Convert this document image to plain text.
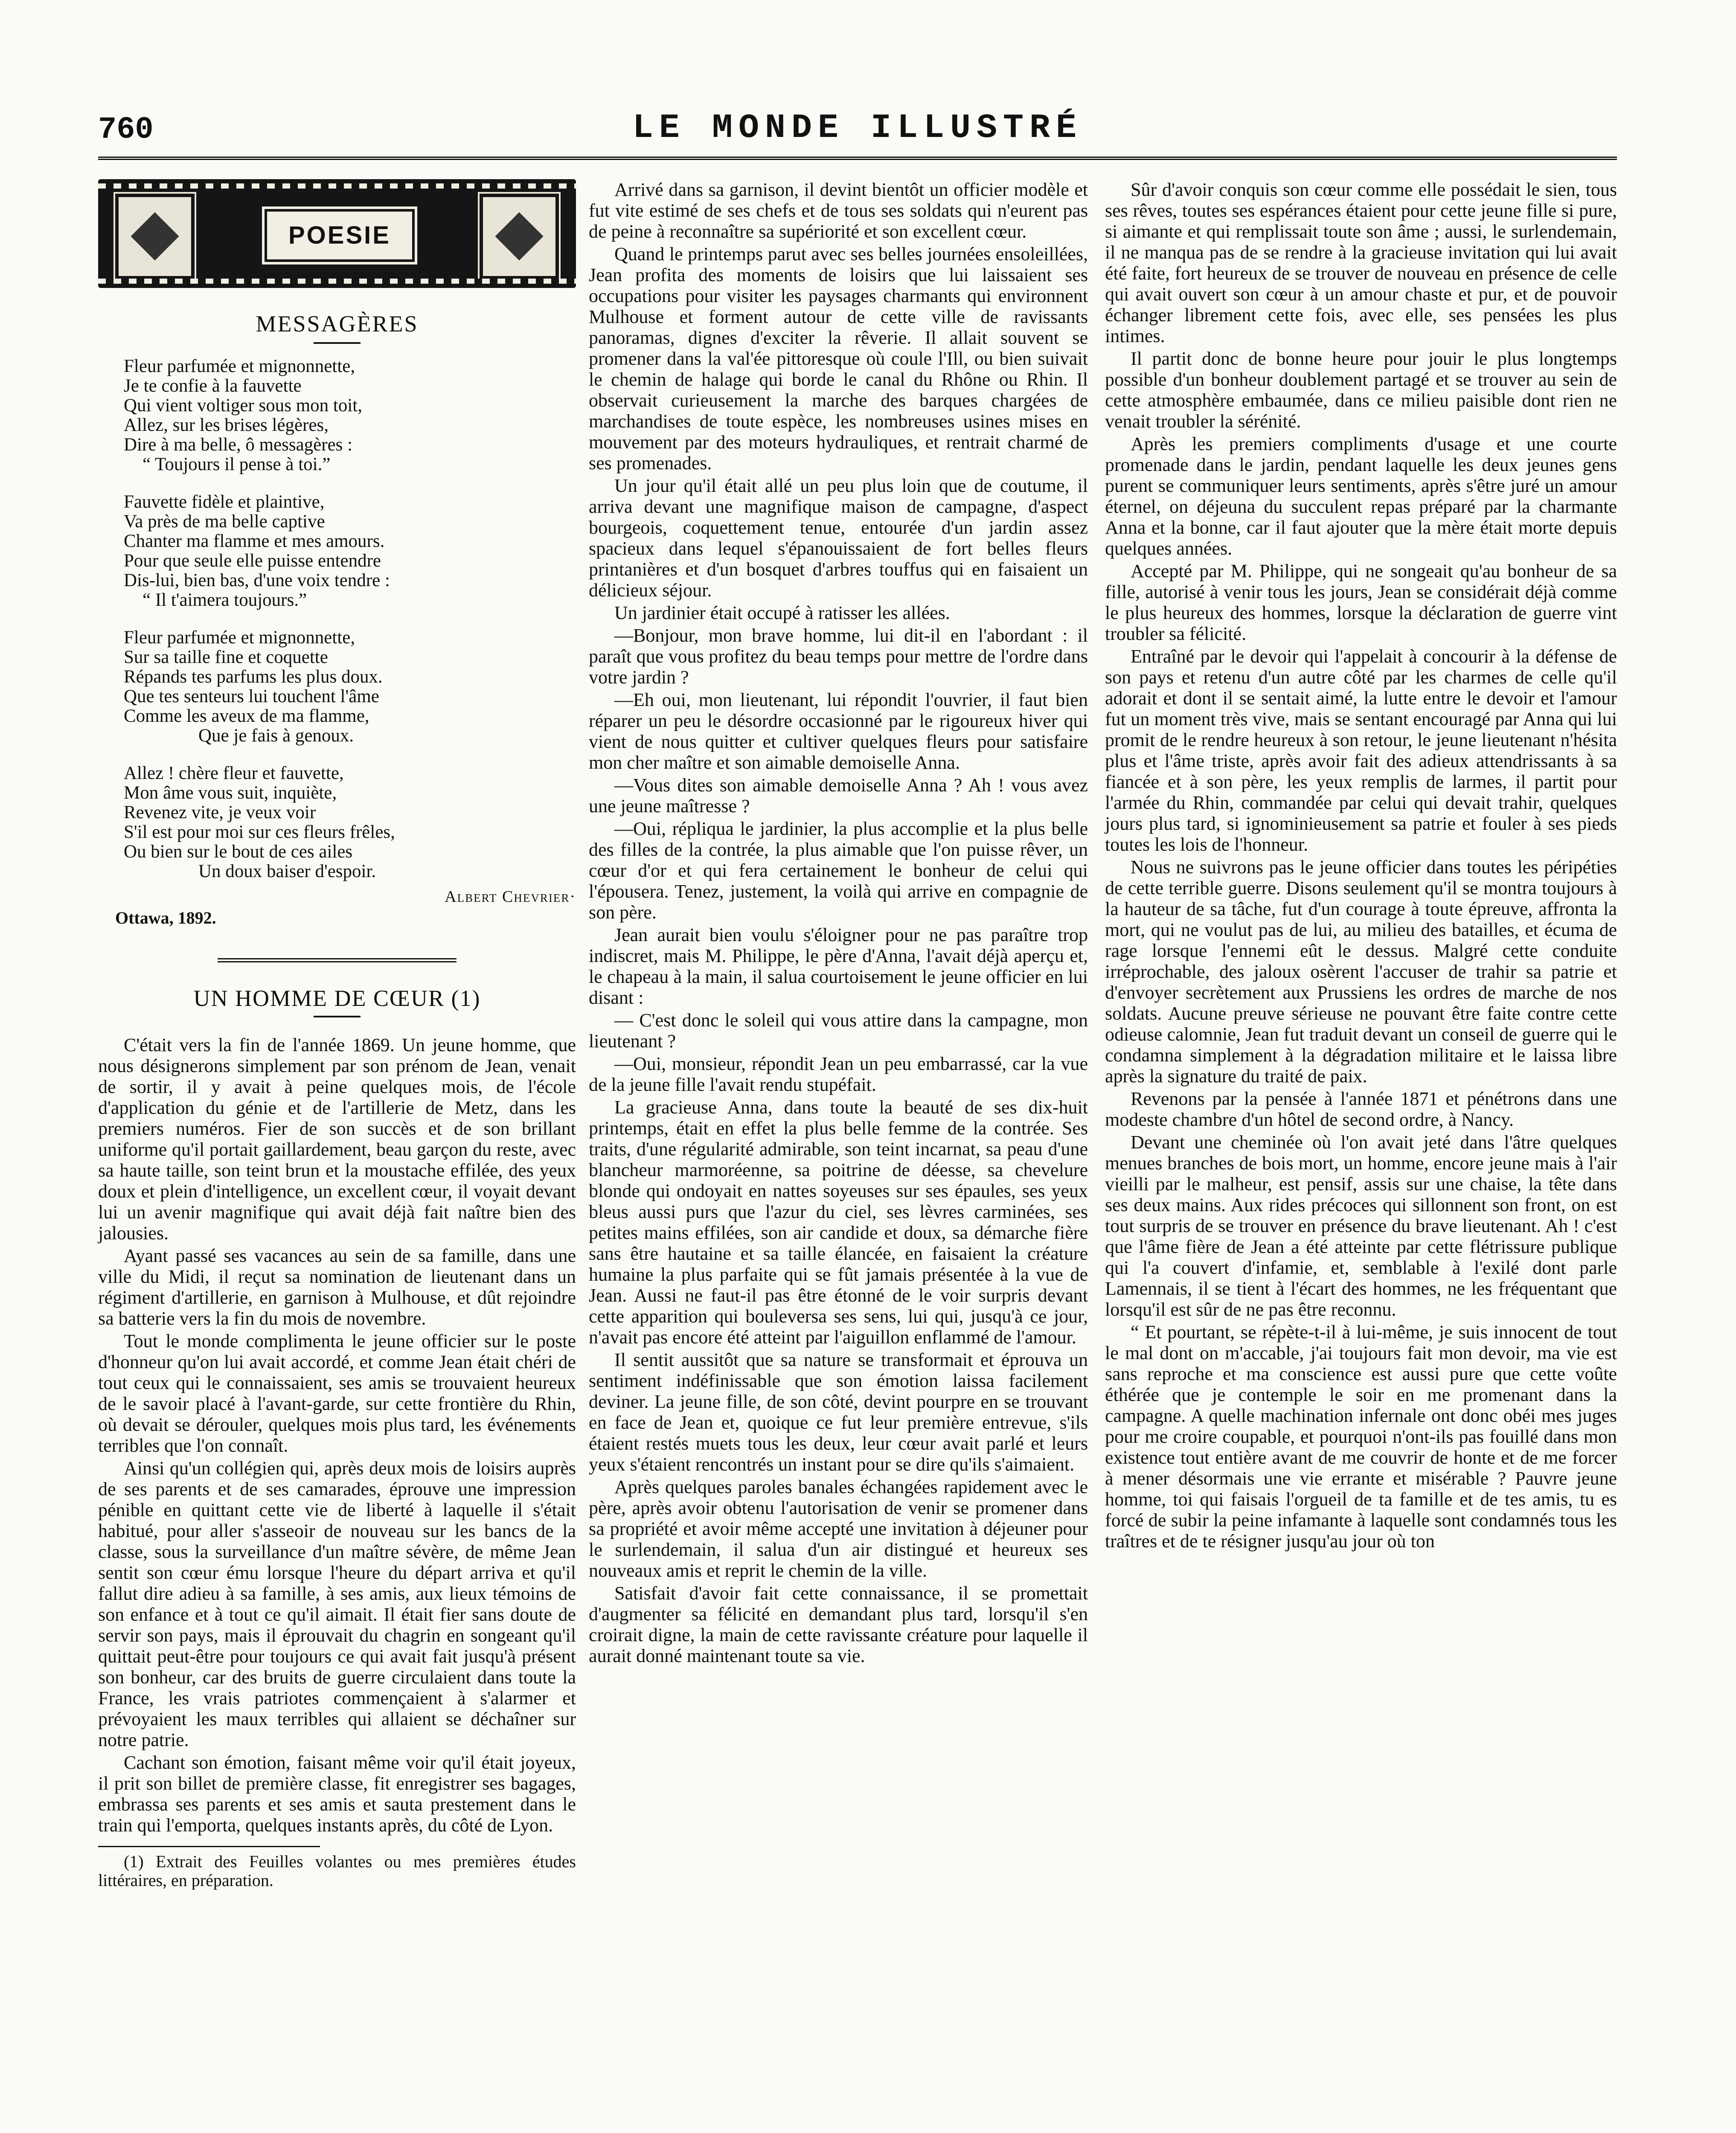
760	LE MONDE ILLUSTRÉ
POESIE
MESSAGÈRES
Fleur parfumée et mignonnette,
Je te confie à la fauvette
Qui vient voltiger sous mon toit,
Allez, sur les brises légères,
Dire à ma belle, ô messagères :
“ Toujours il pense à toi.”
Fauvette fidèle et plaintive,
Va près de ma belle captive
Chanter ma flamme et mes amours.
Pour que seule elle puisse entendre
Dis-lui, bien bas, d'une voix tendre :
“ Il t'aimera toujours.”
Fleur parfumée et mignonnette,
Sur sa taille fine et coquette
Répands tes parfums les plus doux.
Que tes senteurs lui touchent l'âme
Comme les aveux de ma flamme,
Que je fais à genoux.
Allez ! chère fleur et fauvette,
Mon âme vous suit, inquiète,
Revenez vite, je veux voir
S'il est pour moi sur ces fleurs frêles,
Ou bien sur le bout de ces ailes
Un doux baiser d'espoir.
Albert Chevrier·
Ottawa, 1892.
UN HOMME DE CŒUR (1)

C'était vers la fin de l'année 1869. Un jeune homme, que nous désignerons simplement par son prénom de Jean, venait de sortir, il y avait à peine quelques mois, de l'école d'application du génie et de l'artillerie de Metz, dans les premiers numéros. Fier de son succès et de son brillant uniforme qu'il portait gaillardement, beau garçon du reste, avec sa haute taille, son teint brun et la moustache effilée, des yeux doux et plein d'intelligence, un excellent cœur, il voyait devant lui un avenir magnifique qui avait déjà fait naître bien des jalousies.

Ayant passé ses vacances au sein de sa famille, dans une ville du Midi, il reçut sa nomination de lieutenant dans un régiment d'artillerie, en garnison à Mulhouse, et dût rejoindre sa batterie vers la fin du mois de novembre.

Tout le monde complimenta le jeune officier sur le poste d'honneur qu'on lui avait accordé, et comme Jean était chéri de tout ceux qui le connaissaient, ses amis se trouvaient heureux de le savoir placé à l'avant-garde, sur cette frontière du Rhin, où devait se dérouler, quelques mois plus tard, les événements terribles que l'on connaît.

Ainsi qu'un collégien qui, après deux mois de loisirs auprès de ses parents et de ses camarades, éprouve une impression pénible en quittant cette vie de liberté à laquelle il s'était habitué, pour aller s'asseoir de nouveau sur les bancs de la classe, sous la surveillance d'un maître sévère, de même Jean sentit son cœur ému lorsque l'heure du départ arriva et qu'il fallut dire adieu à sa famille, à ses amis, aux lieux témoins de son enfance et à tout ce qu'il aimait. Il était fier sans doute de servir son pays, mais il éprouvait du chagrin en songeant qu'il quittait peut-être pour toujours ce qui avait fait jusqu'à présent son bonheur, car des bruits de guerre circulaient dans toute la France, les vrais patriotes commençaient à s'alarmer et prévoyaient les maux terribles qui allaient se déchaîner sur notre patrie.

Cachant son émotion, faisant même voir qu'il était joyeux, il prit son billet de première classe, fit enregistrer ses bagages, embrassa ses parents et ses amis et sauta prestement dans le train qui l'emporta, quelques instants après, du côté de Lyon.

(1) Extrait des Feuilles volantes ou mes premières études littéraires, en préparation.

Arrivé dans sa garnison, il devint bientôt un officier modèle et fut vite estimé de ses chefs et de tous ses soldats qui n'eurent pas de peine à reconnaître sa supériorité et son excellent cœur.

Quand le printemps parut avec ses belles journées ensoleillées, Jean profita des moments de loisirs que lui laissaient ses occupations pour visiter les paysages charmants qui environnent Mulhouse et forment autour de cette ville de ravissants panoramas, dignes d'exciter la rêverie. Il allait souvent se promener dans la val'ée pittoresque où coule l'Ill, ou bien suivait le chemin de halage qui borde le canal du Rhône ou Rhin. Il observait curieusement la marche des barques chargées de marchandises de toute espèce, les nombreuses usines mises en mouvement par des moteurs hydrauliques, et rentrait charmé de ses promenades.

Un jour qu'il était allé un peu plus loin que de coutume, il arriva devant une magnifique maison de campagne, d'aspect bourgeois, coquettement tenue, entourée d'un jardin assez spacieux dans lequel s'épanouissaient de fort belles fleurs printanières et d'un bosquet d'arbres touffus qui en faisaient un délicieux séjour.

Un jardinier était occupé à ratisser les allées.

—Bonjour, mon brave homme, lui dit-il en l'abordant : il paraît que vous profitez du beau temps pour mettre de l'ordre dans votre jardin ?

—Eh oui, mon lieutenant, lui répondit l'ouvrier, il faut bien réparer un peu le désordre occasionné par le rigoureux hiver qui vient de nous quitter et cultiver quelques fleurs pour satisfaire mon cher maître et son aimable demoiselle Anna.

—Vous dites son aimable demoiselle Anna ? Ah ! vous avez une jeune maîtresse ?

—Oui, répliqua le jardinier, la plus accomplie et la plus belle des filles de la contrée, la plus aimable que l'on puisse rêver, un cœur d'or et qui fera certainement le bonheur de celui qui l'épousera. Tenez, justement, la voilà qui arrive en compagnie de son père.

Jean aurait bien voulu s'éloigner pour ne pas paraître trop indiscret, mais M. Philippe, le père d'Anna, l'avait déjà aperçu et, le chapeau à la main, il salua courtoisement le jeune officier en lui disant :

— C'est donc le soleil qui vous attire dans la campagne, mon lieutenant ?

—Oui, monsieur, répondit Jean un peu embarrassé, car la vue de la jeune fille l'avait rendu stupéfait.

La gracieuse Anna, dans toute la beauté de ses dix-huit printemps, était en effet la plus belle femme de la contrée. Ses traits, d'une régularité admirable, son teint incarnat, sa peau d'une blancheur marmoréenne, sa poitrine de déesse, sa chevelure blonde qui ondoyait en nattes soyeuses sur ses épaules, ses yeux bleus aussi purs que l'azur du ciel, ses lèvres carminées, ses petites mains effilées, son air candide et doux, sa démarche fière sans être hautaine et sa taille élancée, en faisaient la créature humaine la plus parfaite qui se fût jamais présentée à la vue de Jean. Aussi ne faut-il pas être étonné de le voir surpris devant cette apparition qui bouleversa ses sens, lui qui, jusqu'à ce jour, n'avait pas encore été atteint par l'aiguillon enflammé de l'amour.

Il sentit aussitôt que sa nature se transformait et éprouva un sentiment indéfinissable que son émotion laissa facilement deviner. La jeune fille, de son côté, devint pourpre en se trouvant en face de Jean et, quoique ce fut leur première entrevue, s'ils étaient restés muets tous les deux, leur cœur avait parlé et leurs yeux s'étaient rencontrés un instant pour se dire qu'ils s'aimaient.

Après quelques paroles banales échangées rapidement avec le père, après avoir obtenu l'autorisation de venir se promener dans sa propriété et avoir même accepté une invitation à déjeuner pour le surlendemain, il salua d'un air distingué et heureux ses nouveaux amis et reprit le chemin de la ville.

Satisfait d'avoir fait cette connaissance, il se promettait d'augmenter sa félicité en demandant plus tard, lorsqu'il s'en croirait digne, la main de cette ravissante créature pour laquelle il aurait donné maintenant toute sa vie.

Sûr d'avoir conquis son cœur comme elle possédait le sien, tous ses rêves, toutes ses espérances étaient pour cette jeune fille si pure, si aimante et qui remplissait toute son âme ; aussi, le surlendemain, il ne manqua pas de se rendre à la gracieuse invitation qui lui avait été faite, fort heureux de se trouver de nouveau en présence de celle qui avait ouvert son cœur à un amour chaste et pur, et de pouvoir échanger librement cette fois, avec elle, ses pensées les plus intimes.

Il partit donc de bonne heure pour jouir le plus longtemps possible d'un bonheur doublement partagé et se trouver au sein de cette atmosphère embaumée, dans ce milieu paisible dont rien ne venait troubler la sérénité.

Après les premiers compliments d'usage et une courte promenade dans le jardin, pendant laquelle les deux jeunes gens purent se communiquer leurs sentiments, après s'être juré un amour éternel, on déjeuna du succulent repas préparé par la charmante Anna et la bonne, car il faut ajouter que la mère était morte depuis quelques années.

Accepté par M. Philippe, qui ne songeait qu'au bonheur de sa fille, autorisé à venir tous les jours, Jean se considérait déjà comme le plus heureux des hommes, lorsque la déclaration de guerre vint troubler sa félicité.

Entraîné par le devoir qui l'appelait à concourir à la défense de son pays et retenu d'un autre côté par les charmes de celle qu'il adorait et dont il se sentait aimé, la lutte entre le devoir et l'amour fut un moment très vive, mais se sentant encouragé par Anna qui lui promit de le rendre heureux à son retour, le jeune lieutenant n'hésita plus et l'âme triste, après avoir fait des adieux attendrissants à sa fiancée et à son père, les yeux remplis de larmes, il partit pour l'armée du Rhin, commandée par celui qui devait trahir, quelques jours plus tard, si ignominieusement sa patrie et fouler à ses pieds toutes les lois de l'honneur.

Nous ne suivrons pas le jeune officier dans toutes les péripéties de cette terrible guerre. Disons seulement qu'il se montra toujours à la hauteur de sa tâche, fut d'un courage à toute épreuve, affronta la mort, qui ne voulut pas de lui, au milieu des batailles, et écuma de rage lorsque l'ennemi eût le dessus. Malgré cette conduite irréprochable, des jaloux osèrent l'accuser de trahir sa patrie et d'envoyer secrètement aux Prussiens les ordres de marche de nos soldats. Aucune preuve sérieuse ne pouvant être faite contre cette odieuse calomnie, Jean fut traduit devant un conseil de guerre qui le condamna simplement à la dégradation militaire et le laissa libre après la signature du traité de paix.

Revenons par la pensée à l'année 1871 et pénétrons dans une modeste chambre d'un hôtel de second ordre, à Nancy.

Devant une cheminée où l'on avait jeté dans l'âtre quelques menues branches de bois mort, un homme, encore jeune mais à l'air vieilli par le malheur, est pensif, assis sur une chaise, la tête dans ses deux mains. Aux rides précoces qui sillonnent son front, on est tout surpris de se trouver en présence du brave lieutenant. Ah ! c'est que l'âme fière de Jean a été atteinte par cette flétrissure publique qui l'a couvert d'infamie, et, semblable à l'exilé dont parle Lamennais, il se tient à l'écart des hommes, ne les fréquentant que lorsqu'il est sûr de ne pas être reconnu.

“ Et pourtant, se répète-t-il à lui-même, je suis innocent de tout le mal dont on m'accable, j'ai toujours fait mon devoir, ma vie est sans reproche et ma conscience est aussi pure que cette voûte éthérée que je contemple le soir en me promenant dans la campagne. A quelle machination infernale ont donc obéi mes juges pour me croire coupable, et pourquoi n'ont-ils pas fouillé dans mon existence tout entière avant de me couvrir de honte et de me forcer à mener désormais une vie errante et misérable ? Pauvre jeune homme, toi qui faisais l'orgueil de ta famille et de tes amis, tu es forcé de subir la peine infamante à laquelle sont condamnés tous les traîtres et de te résigner jusqu'au jour où ton
